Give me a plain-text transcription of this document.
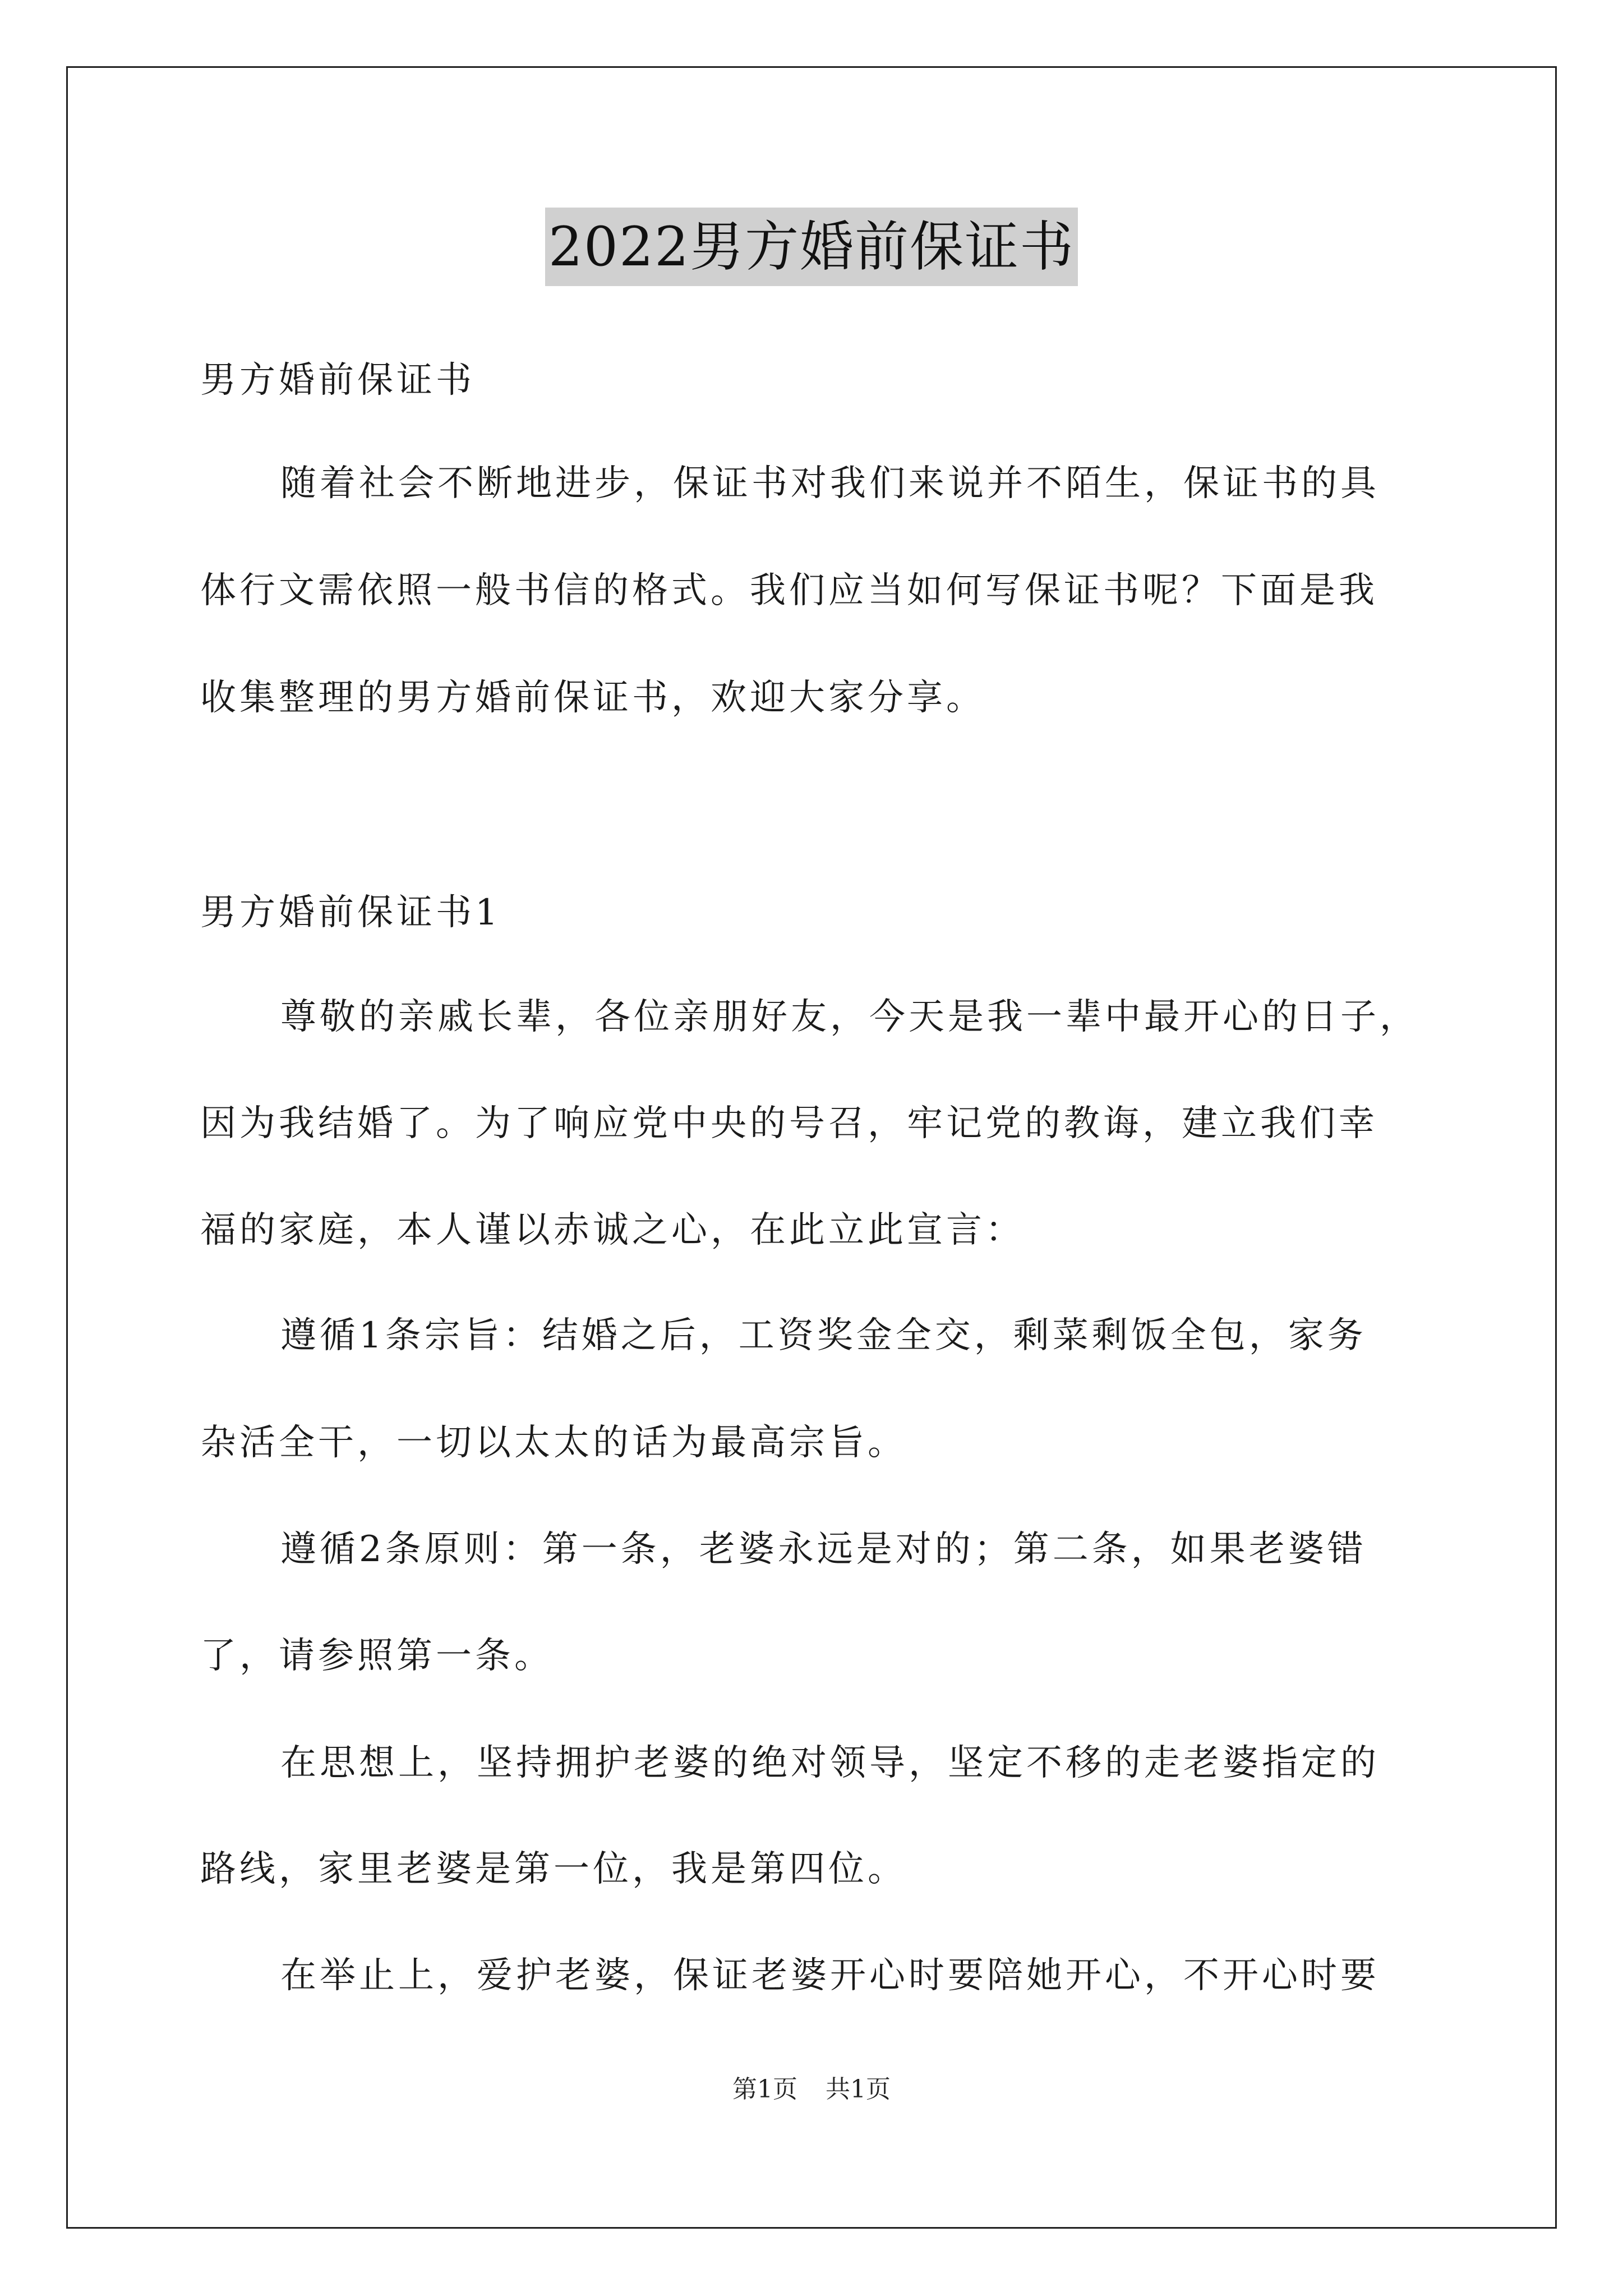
2022男方婚前保证书
男方婚前保证书
随着社会不断地进步，保证书对我们来说并不陌生，保证书的具
体行文需依照一般书信的格式。我们应当如何写保证书呢？下面是我
收集整理的男方婚前保证书，欢迎大家分享。
男方婚前保证书1
尊敬的亲戚长辈，各位亲朋好友，今天是我一辈中最开心的日子，
因为我结婚了。为了响应党中央的号召，牢记党的教诲，建立我们幸
福的家庭，本人谨以赤诚之心，在此立此宣言：
遵循1条宗旨：结婚之后，工资奖金全交，剩菜剩饭全包，家务
杂活全干，一切以太太的话为最高宗旨。
遵循2条原则：第一条，老婆永远是对的；第二条，如果老婆错
了，请参照第一条。
在思想上，坚持拥护老婆的绝对领导，坚定不移的走老婆指定的
路线，家里老婆是第一位，我是第四位。
在举止上，爱护老婆，保证老婆开心时要陪她开心，不开心时要
第1页 共1页
